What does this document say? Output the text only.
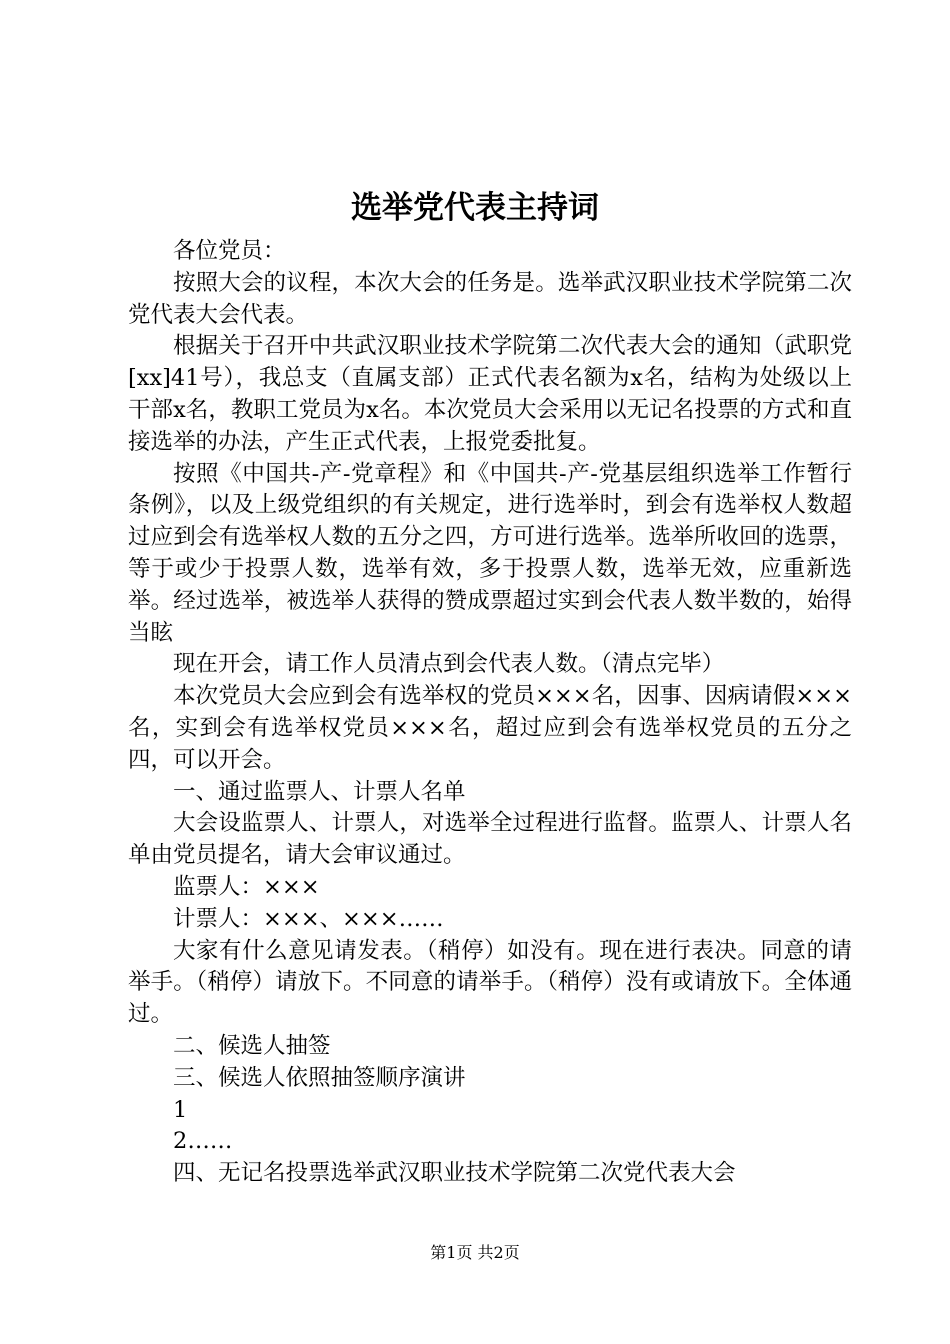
选举党代表主持词

各位党员：

按照大会的议程，本次大会的任务是。选举武汉职业技术学院第二次党代表大会代表。

根据关于召开中共武汉职业技术学院第二次代表大会的通知（武职党[xx]41号），我总支（直属支部）正式代表名额为x名，结构为处级以上干部x名，教职工党员为x名。本次党员大会采用以无记名投票的方式和直接选举的办法，产生正式代表，上报党委批复。

按照《中国共-产-党章程》和《中国共-产-党基层组织选举工作暂行条例》，以及上级党组织的有关规定，进行选举时，到会有选举权人数超过应到会有选举权人数的五分之四，方可进行选举。选举所收回的选票，等于或少于投票人数，选举有效，多于投票人数，选举无效，应重新选举。经过选举，被选举人获得的赞成票超过实到会代表人数半数的，始得当眩

现在开会，请工作人员清点到会代表人数。（清点完毕）

本次党员大会应到会有选举权的党员×××名，因事、因病请假×××名，实到会有选举权党员×××名，超过应到会有选举权党员的五分之四，可以开会。

一、通过监票人、计票人名单

大会设监票人、计票人，对选举全过程进行监督。监票人、计票人名单由党员提名，请大会审议通过。

监票人：×××

计票人：×××、×××……

大家有什么意见请发表。（稍停）如没有。现在进行表决。同意的请举手。（稍停）请放下。不同意的请举手。（稍停）没有或请放下。全体通过。

二、候选人抽签

三、候选人依照抽签顺序演讲

1

2……

四、无记名投票选举武汉职业技术学院第二次党代表大会

第1页 共2页
